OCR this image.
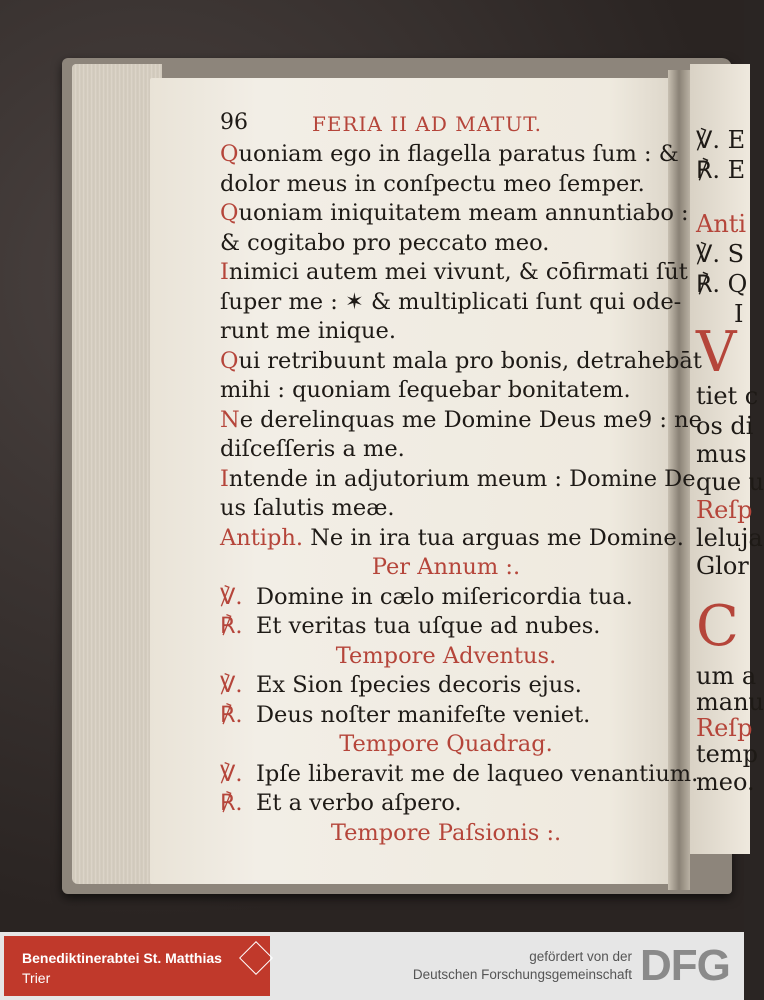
℣. E
℟. E
Anti
℣. S
℟. Q
I
V
tiet c
os di
mus
que u
Reſp
leluja
Glor
C
um a
manu
Reſp
temp
meo.
96	FERIA II AD MATUT.
Quoniam ego in flagella paratus ſum : &
dolor meus in conſpectu meo ſemper.
Quoniam iniquitatem meam annuntiabo :
& cogitabo pro peccato meo.
Inimici autem mei vivunt, & cōfirmati ſūt
ſuper me : ✶ & multiplicati ſunt qui ode-
runt me inique.
Qui retribuunt mala pro bonis, detrahebāt
mihi : quoniam ſequebar bonitatem.
Ne derelinquas me Domine Deus me9 : ne
diſceſſeris a me.
Intende in adjutorium meum : Domine De
us ſalutis meæ.
Antiph. Ne in ira tua arguas me Domine.
Per Annum :.
℣. Domine in cælo miſericordia tua.
℟. Et veritas tua uſque ad nubes.
Tempore Adventus.
℣. Ex Sion ſpecies decoris ejus.
℟. Deus noſter manifeſte veniet.
Tempore Quadrag.
℣. Ipſe liberavit me de laqueo venantium.
℟. Et a verbo aſpero.
Tempore Paſsionis :.
Benediktinerabtei St. Matthias
Trier
gefördert von der
Deutschen Forschungsgemeinschaft DFG
